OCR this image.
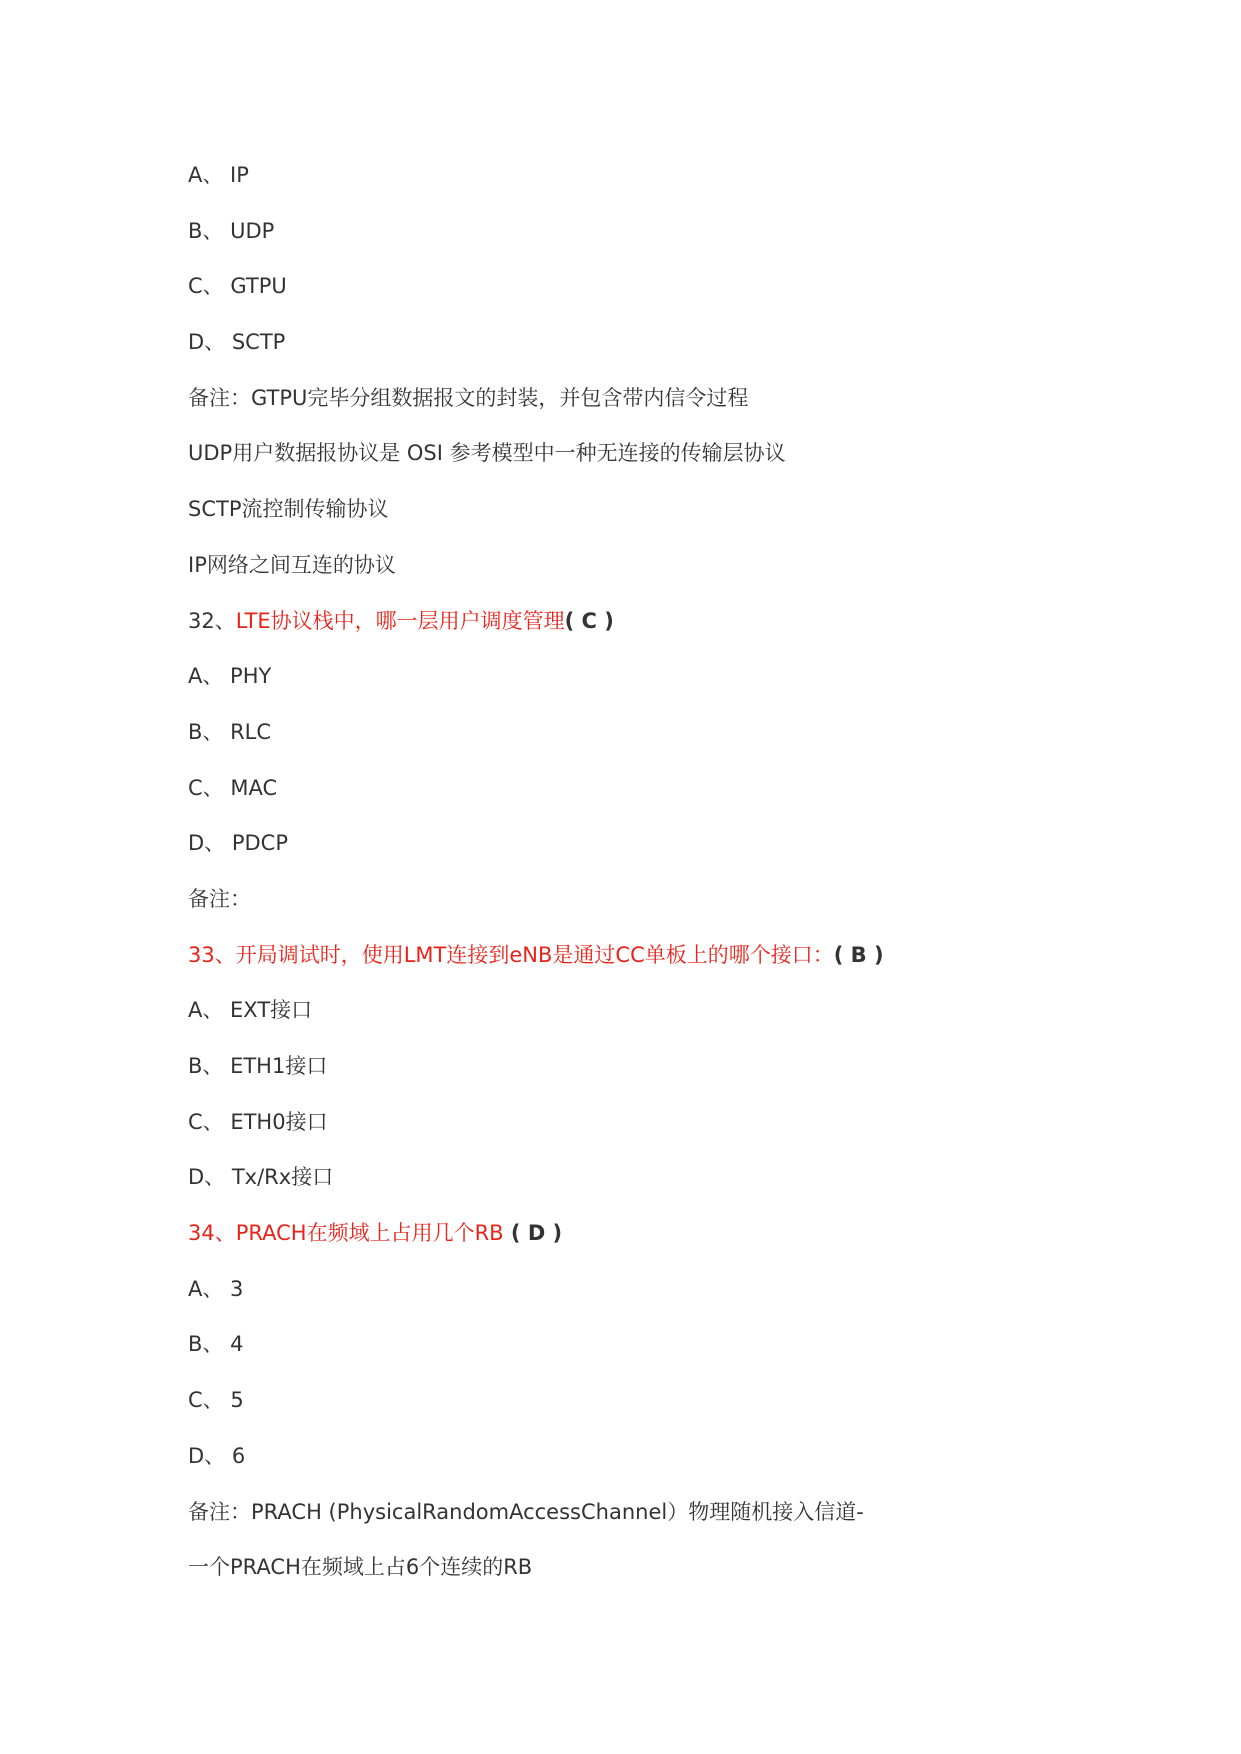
A、 IP
B、 UDP
C、 GTPU
D、 SCTP
备注：GTPU完毕分组数据报文的封装，并包含带内信令过程
UDP用户数据报协议是 OSI 参考模型中一种无连接的传输层协议
SCTP流控制传输协议
IP网络之间互连的协议
32、LTE协议栈中，哪一层用户调度管理( C )
A、 PHY
B、 RLC
C、 MAC
D、 PDCP
备注：
33、开局调试时，使用LMT连接到eNB是通过CC单板上的哪个接口：( B )
A、 EXT接口
B、 ETH1接口
C、 ETH0接口
D、 Tx/Rx接口
34、PRACH在频域上占用几个RB ( D )
A、 3
B、 4
C、 5
D、 6
备注：PRACH (PhysicalRandomAccessChannel）物理随机接入信道-
一个PRACH在频域上占6个连续的RB
